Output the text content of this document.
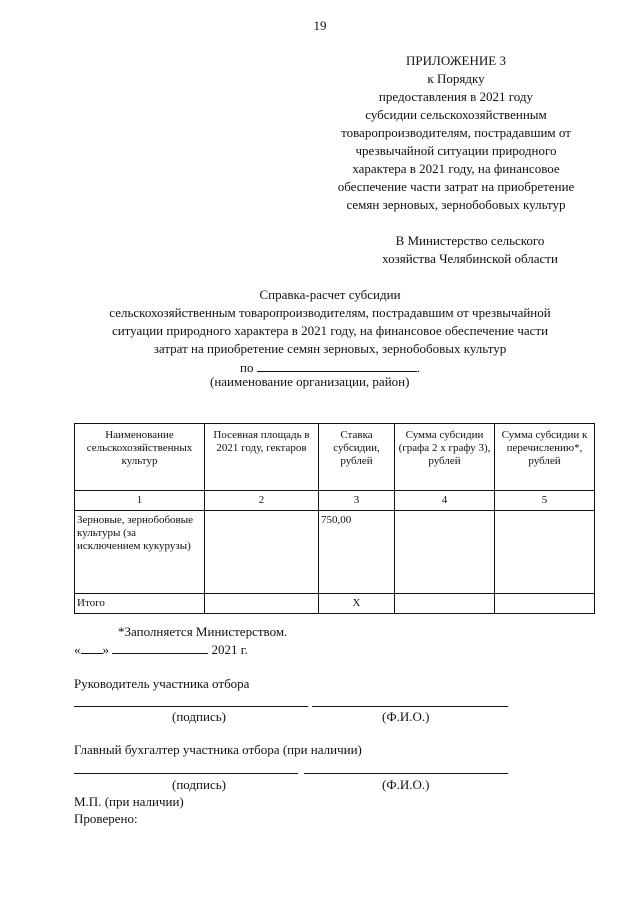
19
ПРИЛОЖЕНИЕ 3
к Порядку
предоставления в 2021 году
субсидии сельскохозяйственным
товаропроизводителям, пострадавшим от
чрезвычайной ситуации природного
характера в 2021 году, на финансовое
обеспечение части затрат на приобретение
семян зерновых, зернобобовых культур
В Министерство сельского
хозяйства Челябинской области
Справка-расчет субсидии
сельскохозяйственным товаропроизводителям, пострадавшим от чрезвычайной
ситуации природного характера в 2021 году, на финансовое обеспечение части
затрат на приобретение семян зерновых, зернобобовых культур
по	.
(наименование организации, район)
Наименование сельскохозяйственных культур	Посевная площадь в 2021 году, гектаров	Ставка субсидии, рублей	Сумма субсидии (графа 2 х графу 3), рублей	Сумма субсидии к перечислению*, рублей
1	2	3	4	5
Зерновые, зернобобовые культуры (за исключением кукурузы)		750,00		
Итого		Х		
*Заполняется Министерством.
« »	2021 г.
Руководитель участника отбора
(подпись)	(Ф.И.О.)
Главный бухгалтер участника отбора (при наличии)
(подпись)	(Ф.И.О.)
М.П. (при наличии)
Проверено:
